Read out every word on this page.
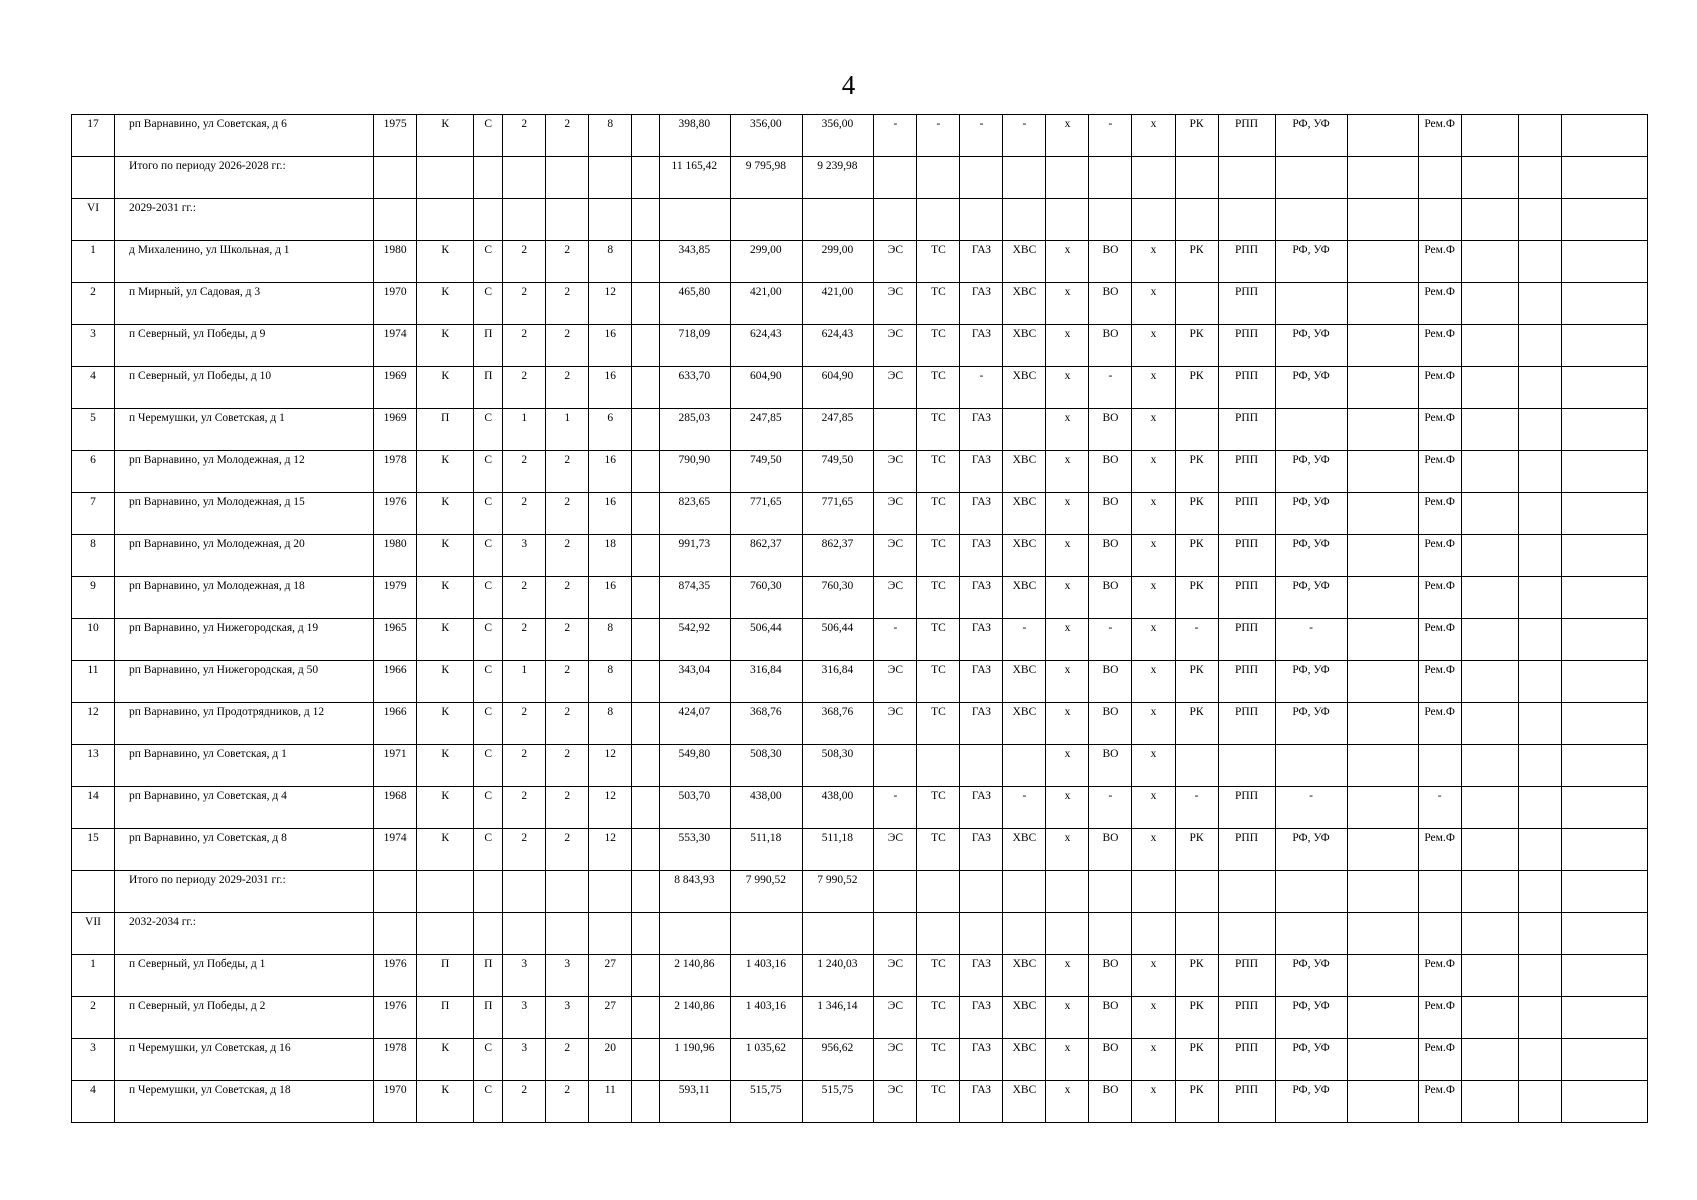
4
17	рп Варнавино, ул Советская, д 6	1975	К	С	2	2	8		398,80	356,00	356,00	-	-	-	-	х	-	х	РК	РПП	РФ, УФ		Рем.Ф			

	Итого по периоду 2026-2028 гг.:								11 165,42	9 795,98	9 239,98															

VI	2029-2031 гг.:																									

1	д Михаленино, ул Школьная, д 1	1980	К	С	2	2	8		343,85	299,00	299,00	ЭС	ТС	ГАЗ	ХВС	х	ВО	х	РК	РПП	РФ, УФ		Рем.Ф			

2	п Мирный, ул Садовая, д 3	1970	К	С	2	2	12		465,80	421,00	421,00	ЭС	ТС	ГАЗ	ХВС	х	ВО	х		РПП			Рем.Ф			

3	п Северный, ул Победы, д 9	1974	К	П	2	2	16		718,09	624,43	624,43	ЭС	ТС	ГАЗ	ХВС	х	ВО	х	РК	РПП	РФ, УФ		Рем.Ф			

4	п Северный, ул Победы, д 10	1969	К	П	2	2	16		633,70	604,90	604,90	ЭС	ТС	-	ХВС	х	-	х	РК	РПП	РФ, УФ		Рем.Ф			

5	п Черемушки, ул Советская, д 1	1969	П	С	1	1	6		285,03	247,85	247,85		ТС	ГАЗ		х	ВО	х		РПП			Рем.Ф			

6	рп Варнавино, ул Молодежная, д 12	1978	К	С	2	2	16		790,90	749,50	749,50	ЭС	ТС	ГАЗ	ХВС	х	ВО	х	РК	РПП	РФ, УФ		Рем.Ф			

7	рп Варнавино, ул Молодежная, д 15	1976	К	С	2	2	16		823,65	771,65	771,65	ЭС	ТС	ГАЗ	ХВС	х	ВО	х	РК	РПП	РФ, УФ		Рем.Ф			

8	рп Варнавино, ул Молодежная, д 20	1980	К	С	3	2	18		991,73	862,37	862,37	ЭС	ТС	ГАЗ	ХВС	х	ВО	х	РК	РПП	РФ, УФ		Рем.Ф			

9	рп Варнавино, ул Молодежная, д 18	1979	К	С	2	2	16		874,35	760,30	760,30	ЭС	ТС	ГАЗ	ХВС	х	ВО	х	РК	РПП	РФ, УФ		Рем.Ф			

10	рп Варнавино, ул Нижегородская, д 19	1965	К	С	2	2	8		542,92	506,44	506,44	-	ТС	ГАЗ	-	х	-	х	-	РПП	-		Рем.Ф			

11	рп Варнавино, ул Нижегородская, д 50	1966	К	С	1	2	8		343,04	316,84	316,84	ЭС	ТС	ГАЗ	ХВС	х	ВО	х	РК	РПП	РФ, УФ		Рем.Ф			

12	рп Варнавино, ул Продотрядников, д 12	1966	К	С	2	2	8		424,07	368,76	368,76	ЭС	ТС	ГАЗ	ХВС	х	ВО	х	РК	РПП	РФ, УФ		Рем.Ф			

13	рп Варнавино, ул Советская, д 1	1971	К	С	2	2	12		549,80	508,30	508,30					х	ВО	х								

14	рп Варнавино, ул Советская, д 4	1968	К	С	2	2	12		503,70	438,00	438,00	-	ТС	ГАЗ	-	х	-	х	-	РПП	-		-			

15	рп Варнавино, ул Советская, д 8	1974	К	С	2	2	12		553,30	511,18	511,18	ЭС	ТС	ГАЗ	ХВС	х	ВО	х	РК	РПП	РФ, УФ		Рем.Ф			

	Итого по периоду 2029-2031 гг.:								8 843,93	7 990,52	7 990,52															

VII	2032-2034 гг.:																									

1	п Северный, ул Победы, д 1	1976	П	П	3	3	27		2 140,86	1 403,16	1 240,03	ЭС	ТС	ГАЗ	ХВС	х	ВО	х	РК	РПП	РФ, УФ		Рем.Ф			

2	п Северный, ул Победы, д 2	1976	П	П	3	3	27		2 140,86	1 403,16	1 346,14	ЭС	ТС	ГАЗ	ХВС	х	ВО	х	РК	РПП	РФ, УФ		Рем.Ф			

3	п Черемушки, ул Советская, д 16	1978	К	С	3	2	20		1 190,96	1 035,62	956,62	ЭС	ТС	ГАЗ	ХВС	х	ВО	х	РК	РПП	РФ, УФ		Рем.Ф			

4	п Черемушки, ул Советская, д 18	1970	К	С	2	2	11		593,11	515,75	515,75	ЭС	ТС	ГАЗ	ХВС	х	ВО	х	РК	РПП	РФ, УФ		Рем.Ф			
